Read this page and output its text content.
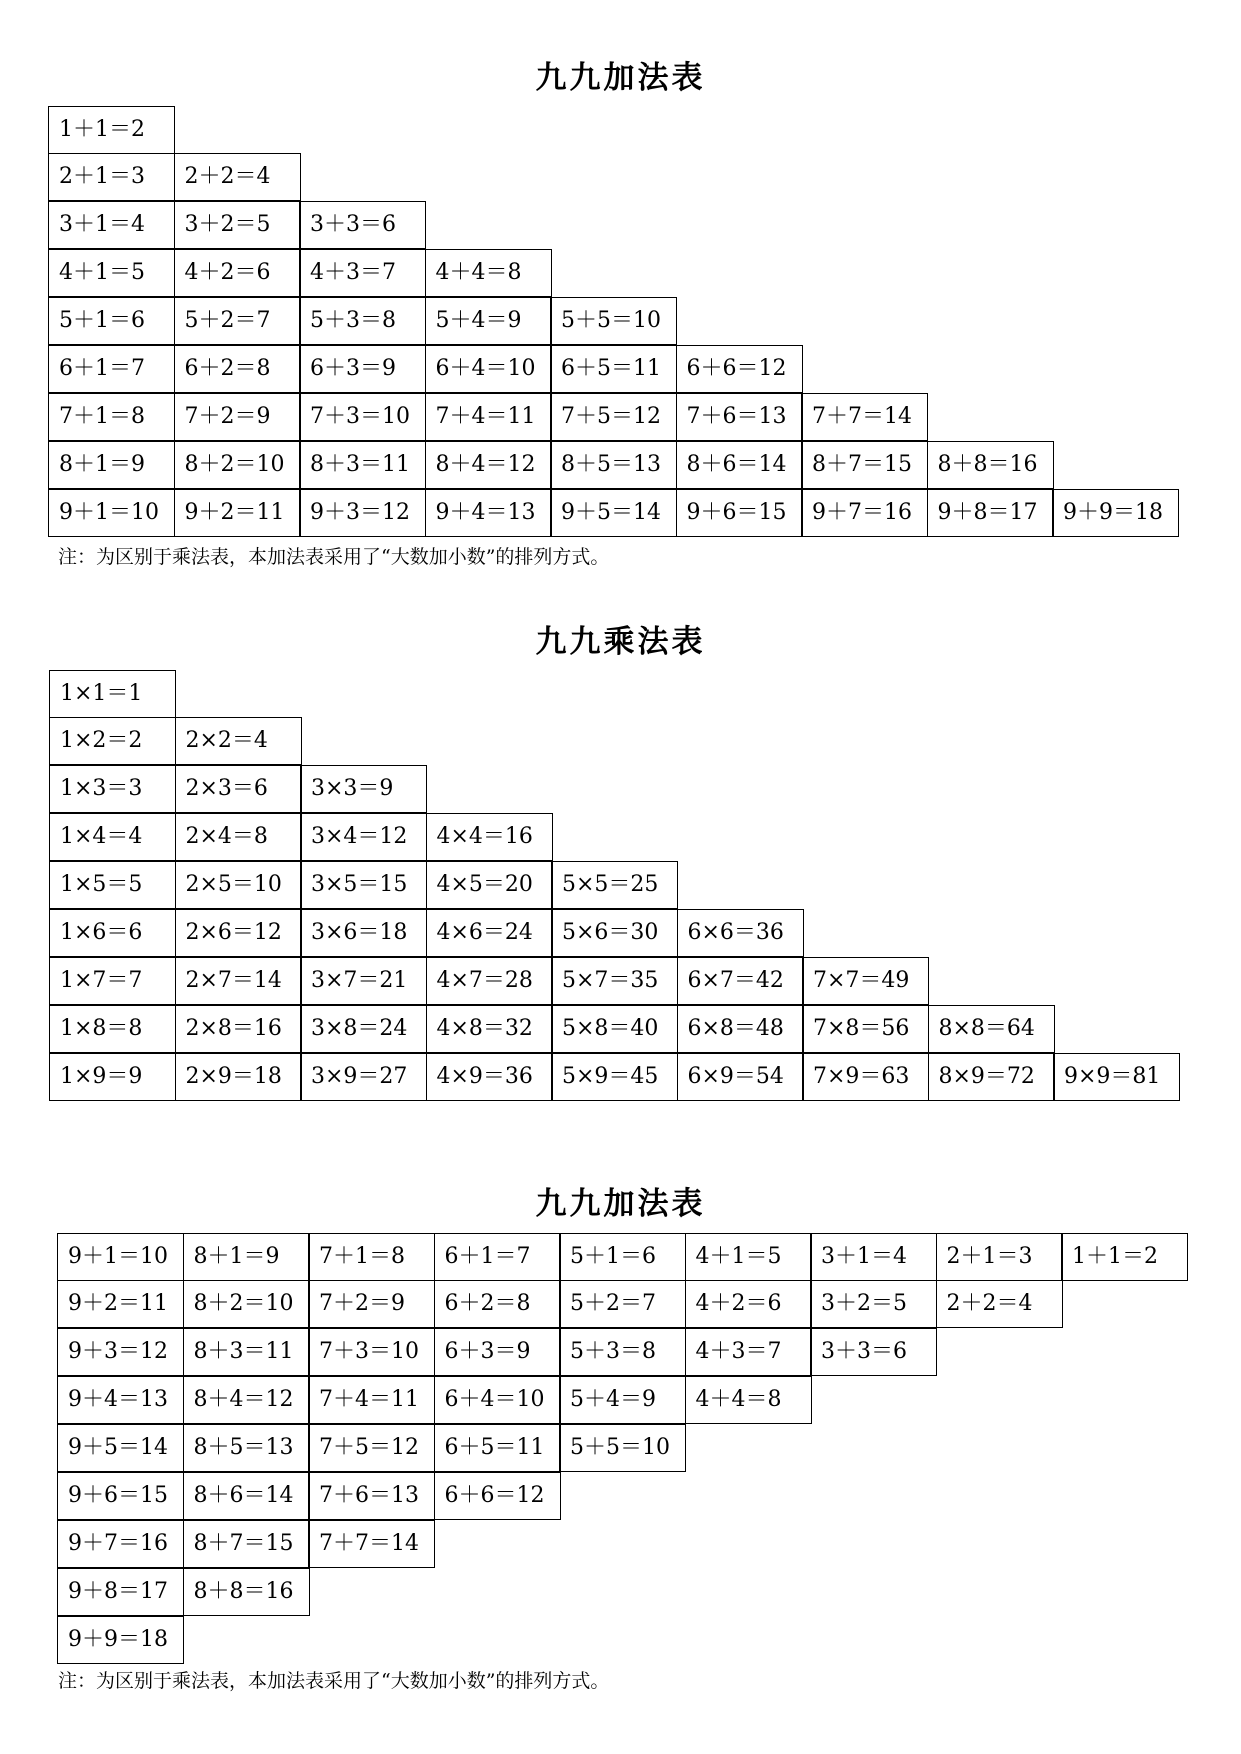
九九加法表
1＋1＝2
2＋1＝3	2＋2＝4
3＋1＝4	3＋2＝5	3＋3＝6
4＋1＝5	4＋2＝6	4＋3＝7	4＋4＝8
5＋1＝6	5＋2＝7	5＋3＝8	5＋4＝9	5＋5＝10
6＋1＝7	6＋2＝8	6＋3＝9	6＋4＝10	6＋5＝11	6＋6＝12
7＋1＝8	7＋2＝9	7＋3＝10	7＋4＝11	7＋5＝12	7＋6＝13	7＋7＝14
8＋1＝9	8＋2＝10	8＋3＝11	8＋4＝12	8＋5＝13	8＋6＝14	8＋7＝15	8＋8＝16
9＋1＝10	9＋2＝11	9＋3＝12	9＋4＝13	9＋5＝14	9＋6＝15	9＋7＝16	9＋8＝17	9＋9＝18
注：为区别于乘法表，本加法表采用了“大数加小数”的排列方式。
九九乘法表
1×1＝1
1×2＝2	2×2＝4
1×3＝3	2×3＝6	3×3＝9
1×4＝4	2×4＝8	3×4＝12	4×4＝16
1×5＝5	2×5＝10	3×5＝15	4×5＝20	5×5＝25
1×6＝6	2×6＝12	3×6＝18	4×6＝24	5×6＝30	6×6＝36
1×7＝7	2×7＝14	3×7＝21	4×7＝28	5×7＝35	6×7＝42	7×7＝49
1×8＝8	2×8＝16	3×8＝24	4×8＝32	5×8＝40	6×8＝48	7×8＝56	8×8＝64
1×9＝9	2×9＝18	3×9＝27	4×9＝36	5×9＝45	6×9＝54	7×9＝63	8×9＝72	9×9＝81
九九加法表
9＋1＝10	8＋1＝9	7＋1＝8	6＋1＝7	5＋1＝6	4＋1＝5	3＋1＝4	2＋1＝3	1＋1＝2
9＋2＝11	8＋2＝10	7＋2＝9	6＋2＝8	5＋2＝7	4＋2＝6	3＋2＝5	2＋2＝4
9＋3＝12	8＋3＝11	7＋3＝10	6＋3＝9	5＋3＝8	4＋3＝7	3＋3＝6
9＋4＝13	8＋4＝12	7＋4＝11	6＋4＝10	5＋4＝9	4＋4＝8
9＋5＝14	8＋5＝13	7＋5＝12	6＋5＝11	5＋5＝10
9＋6＝15	8＋6＝14	7＋6＝13	6＋6＝12
9＋7＝16	8＋7＝15	7＋7＝14
9＋8＝17	8＋8＝16
9＋9＝18
注：为区别于乘法表，本加法表采用了“大数加小数”的排列方式。
